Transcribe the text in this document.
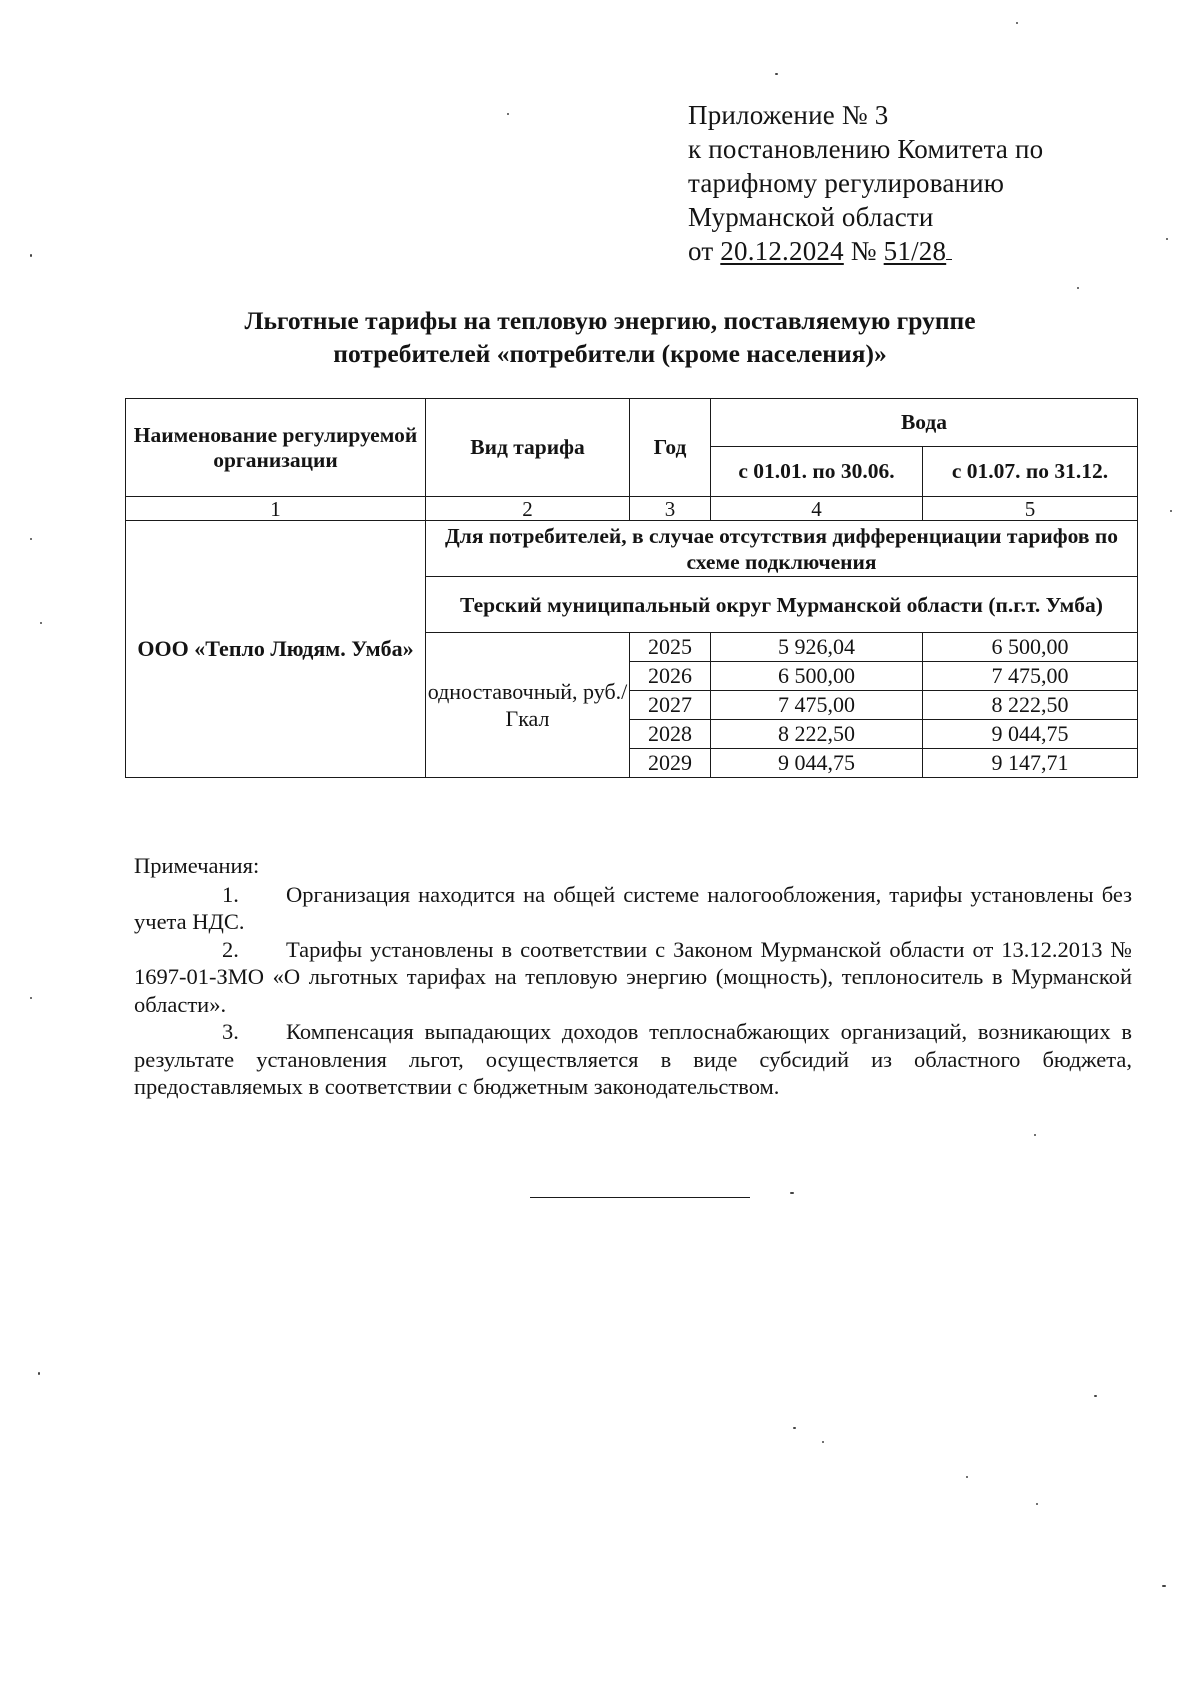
Приложение № 3
к постановлению Комитета по
тарифному регулированию
Мурманской области
от 20.12.2024 № 51/28
Льготные тарифы на тепловую энергию, поставляемую группе
потребителей «потребители (кроме населения)»
Наименование регулируемой организации	Вид тарифа	Год	Вода	
			с 01.01. по 30.06.	с 01.07. по 31.12.
1	2	3	4	5
ООО «Тепло Людям. Умба»	Для потребителей, в случае отсутствия дифференциации тарифов по схеме подключения			
	Терский муниципальный округ Мурманской области (п.г.т. Умба)			
	одноставочный, руб./Гкал	2025	5 926,04	6 500,00
		2026	6 500,00	7 475,00
		2027	7 475,00	8 222,50
		2028	8 222,50	9 044,75
		2029	9 044,75	9 147,71
Примечания:
1. Организация находится на общей системе налогообложения, тарифы установлены без учета НДС.
2. Тарифы установлены в соответствии с Законом Мурманской области от 13.12.2013 № 1697-01-ЗМО «О льготных тарифах на тепловую энергию (мощность), теплоноситель в Мурманской области».
3. Компенсация выпадающих доходов теплоснабжающих организаций, возникающих в результате установления льгот, осуществляется в виде субсидий из областного бюджета, предоставляемых в соответствии с бюджетным законодательством.
